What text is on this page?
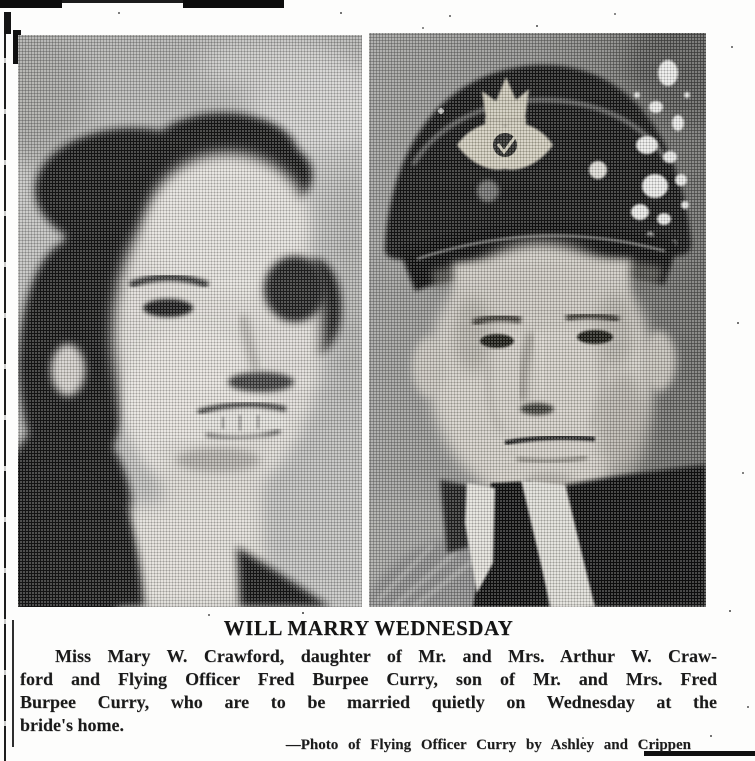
WILL MARRY WEDNESDAY
Miss Mary W. Crawford, daughter of Mr. and Mrs. Arthur W. Craw-
ford and Flying Officer Fred Burpee Curry, son of Mr. and Mrs. Fred
Burpee Curry, who are to be married quietly on Wednesday at the
bride's home.
—Photo of Flying Officer Curry by Ashley and Crippen
